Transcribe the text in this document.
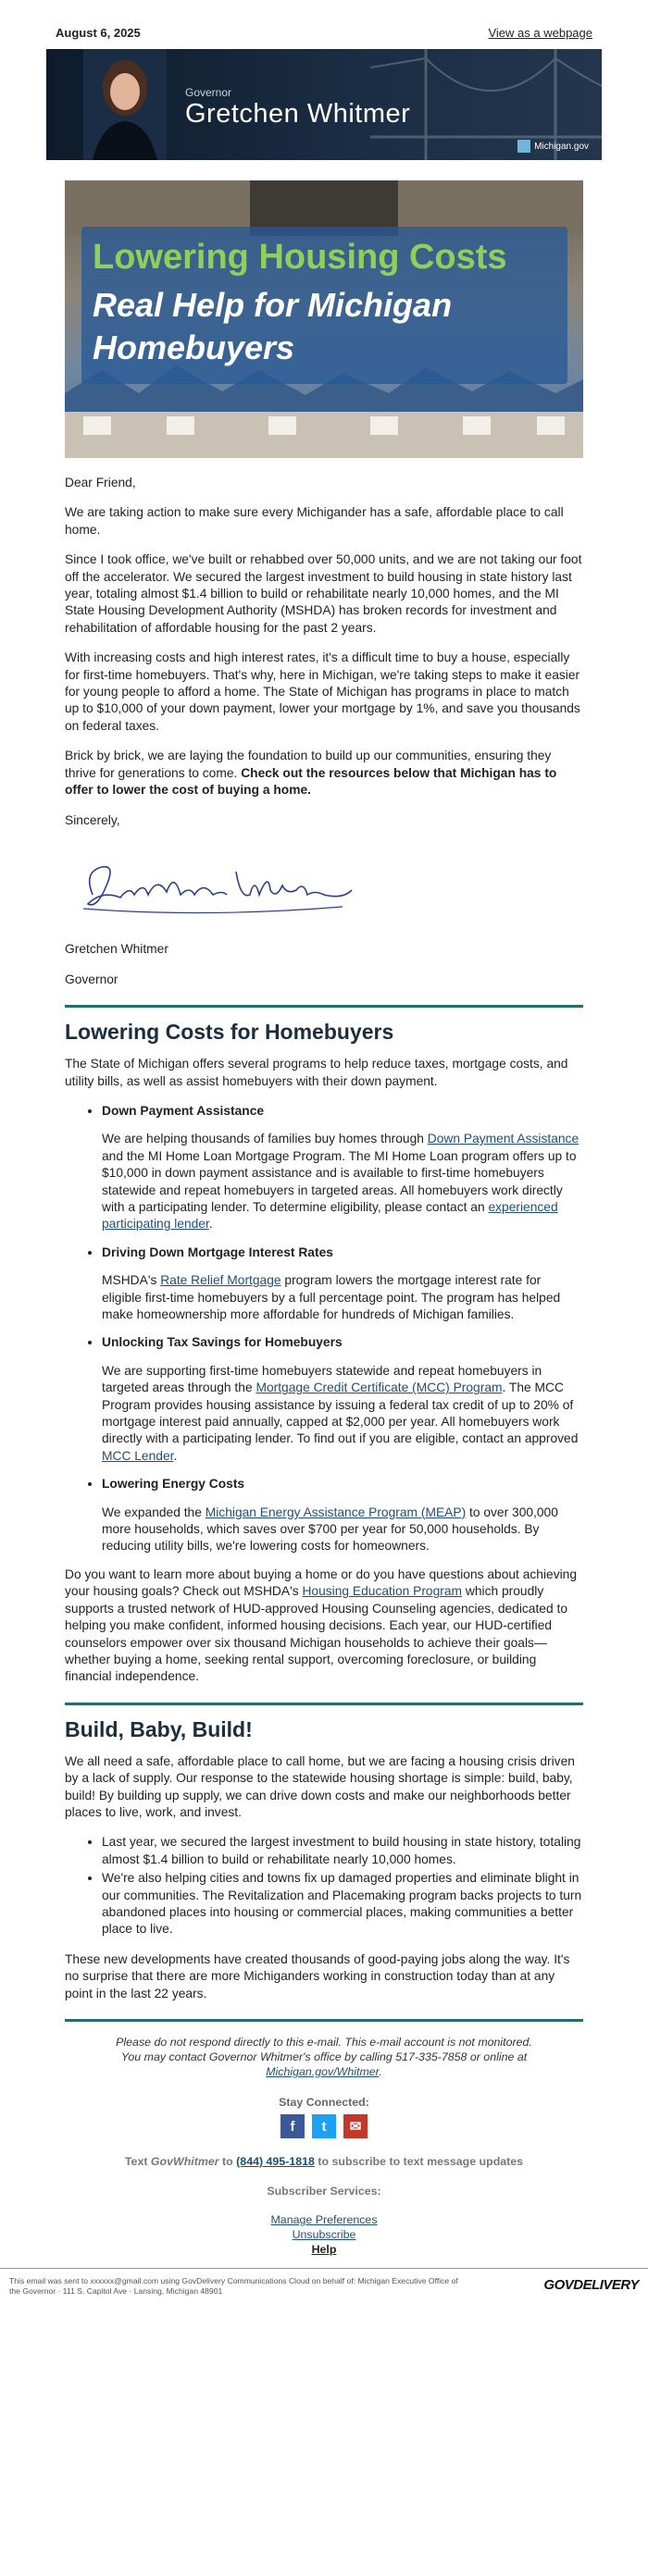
August 6, 2025	View as a webpage
Governor
Gretchen Whitmer
Michigan.gov
Lowering Housing Costs
Real Help for Michigan Homebuyers

Dear Friend,

We are taking action to make sure every Michigander has a safe, affordable place to call home.

Since I took office, we've built or rehabbed over 50,000 units, and we are not taking our foot off the accelerator. We secured the largest investment to build housing in state history last year, totaling almost $1.4 billion to build or rehabilitate nearly 10,000 homes, and the MI State Housing Development Authority (MSHDA) has broken records for investment and rehabilitation of affordable housing for the past 2 years.

With increasing costs and high interest rates, it's a difficult time to buy a house, especially for first-time homebuyers. That's why, here in Michigan, we're taking steps to make it easier for young people to afford a home. The State of Michigan has programs in place to match up to $10,000 of your down payment, lower your mortgage by 1%, and save you thousands on federal taxes.

Brick by brick, we are laying the foundation to build up our communities, ensuring they thrive for generations to come. Check out the resources below that Michigan has to offer to lower the cost of buying a home.

Sincerely,

Gretchen Whitmer

Governor

Lowering Costs for Homebuyers

The State of Michigan offers several programs to help reduce taxes, mortgage costs, and utility bills, as well as assist homebuyers with their down payment.

• Down Payment Assistance
We are helping thousands of families buy homes through Down Payment Assistance and the MI Home Loan Mortgage Program. The MI Home Loan program offers up to $10,000 in down payment assistance and is available to first-time homebuyers statewide and repeat homebuyers in targeted areas. All homebuyers work directly with a participating lender. To determine eligibility, please contact an experienced participating lender.
• Driving Down Mortgage Interest Rates
MSHDA's Rate Relief Mortgage program lowers the mortgage interest rate for eligible first-time homebuyers by a full percentage point. The program has helped make homeownership more affordable for hundreds of Michigan families.
• Unlocking Tax Savings for Homebuyers
We are supporting first-time homebuyers statewide and repeat homebuyers in targeted areas through the Mortgage Credit Certificate (MCC) Program. The MCC Program provides housing assistance by issuing a federal tax credit of up to 20% of mortgage interest paid annually, capped at $2,000 per year. All homebuyers work directly with a participating lender. To find out if you are eligible, contact an approved MCC Lender.
• Lowering Energy Costs
We expanded the Michigan Energy Assistance Program (MEAP) to over 300,000 more households, which saves over $700 per year for 50,000 households. By reducing utility bills, we're lowering costs for homeowners.

Do you want to learn more about buying a home or do you have questions about achieving your housing goals? Check out MSHDA's Housing Education Program which proudly supports a trusted network of HUD-approved Housing Counseling agencies, dedicated to helping you make confident, informed housing decisions. Each year, our HUD-certified counselors empower over six thousand Michigan households to achieve their goals—whether buying a home, seeking rental support, overcoming foreclosure, or building financial independence.

Build, Baby, Build!

We all need a safe, affordable place to call home, but we are facing a housing crisis driven by a lack of supply. Our response to the statewide housing shortage is simple: build, baby, build! By building up supply, we can drive down costs and make our neighborhoods better places to live, work, and invest.

• Last year, we secured the largest investment to build housing in state history, totaling almost $1.4 billion to build or rehabilitate nearly 10,000 homes.
• We're also helping cities and towns fix up damaged properties and eliminate blight in our communities. The Revitalization and Placemaking program backs projects to turn abandoned places into housing or commercial places, making communities a better place to live.

These new developments have created thousands of good-paying jobs along the way. It's no surprise that there are more Michiganders working in construction today than at any point in the last 22 years.

Please do not respond directly to this e-mail. This e-mail account is not monitored.
You may contact Governor Whitmer's office by calling 517-335-7858 or online at Michigan.gov/Whitmer.
Stay Connected:
f	t	✉
Text GovWhitmer to (844) 495-1818 to subscribe to text message updates
Subscriber Services:
Manage Preferences
Unsubscribe
Help
This email was sent to xxxxxx@gmail.com using GovDelivery Communications Cloud on behalf of: Michigan Executive Office of
the Governor · 111 S. Capitol Ave · Lansing, Michigan 48901	GOVDELIVERY
